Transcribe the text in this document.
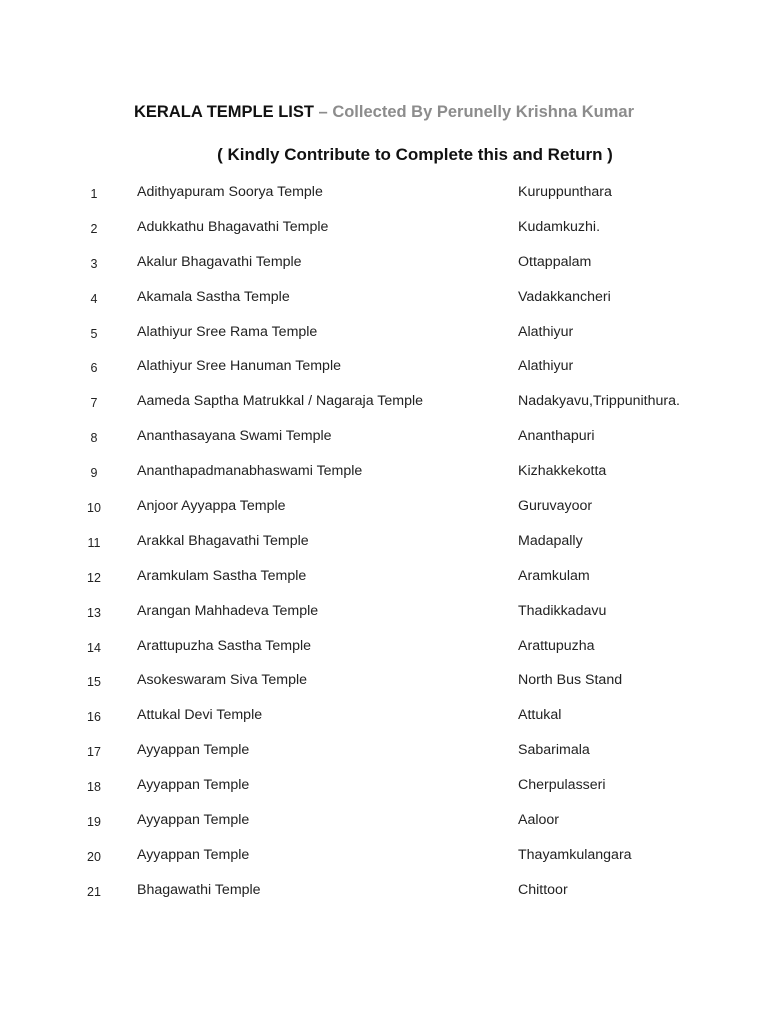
KERALA TEMPLE LIST – Collected By Perunelly Krishna Kumar
( Kindly Contribute to Complete this and Return )
1	Adithyapuram Soorya Temple	Kuruppunthara
2	Adukkathu Bhagavathi Temple	Kudamkuzhi.
3	Akalur Bhagavathi Temple	Ottappalam
4	Akamala Sastha Temple	Vadakkancheri
5	Alathiyur Sree Rama Temple	Alathiyur
6	Alathiyur Sree Hanuman Temple	Alathiyur
7	Aameda Saptha Matrukkal / Nagaraja Temple	Nadakyavu,Trippunithura.
8	Ananthasayana Swami Temple	Ananthapuri
9	Ananthapadmanabhaswami Temple	Kizhakkekotta
10	Anjoor Ayyappa Temple	Guruvayoor
11	Arakkal Bhagavathi Temple	Madapally
12	Aramkulam Sastha Temple	Aramkulam
13	Arangan Mahhadeva Temple	Thadikkadavu
14	Arattupuzha Sastha Temple	Arattupuzha
15	Asokeswaram Siva Temple	North Bus Stand
16	Attukal Devi Temple	Attukal
17	Ayyappan Temple	Sabarimala
18	Ayyappan Temple	Cherpulasseri
19	Ayyappan Temple	Aaloor
20	Ayyappan Temple	Thayamkulangara
21	Bhagawathi Temple	Chittoor
